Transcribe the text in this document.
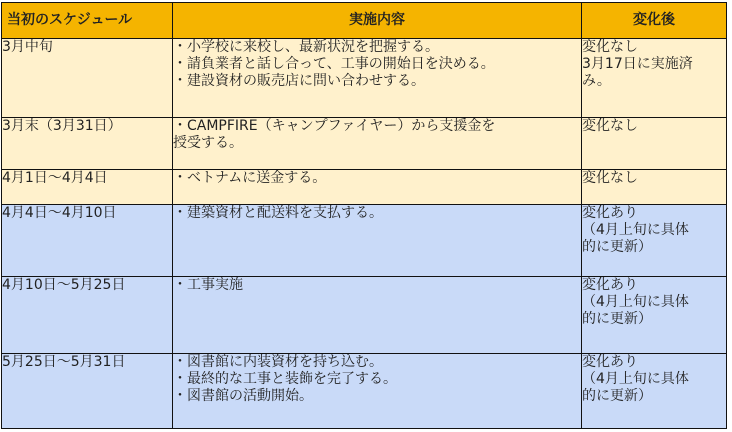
当初のスケジュール	実施内容	変化後
3月中旬	・小学校に来校し、最新状況を把握する。
・請負業者と話し合って、工事の開始日を決める。
・建設資材の販売店に問い合わせする。	変化なし
3月17日に実施済
み。

3月末（3月31日）	・CAMPFIRE（キャンプファイヤー）から支援金を
授受する。	変化なし

4月1日〜4月4日	・ベトナムに送金する。	変化なし

4月4日〜4月10日	・建築資材と配送料を支払する。	変化あり
（4月上旬に具体
的に更新）

4月10日〜5月25日	・工事実施	変化あり
（4月上旬に具体
的に更新）

5月25日〜5月31日	・図書館に内装資材を持ち込む。
・最終的な工事と装飾を完了する。
・図書館の活動開始。	変化あり
（4月上旬に具体
的に更新）
